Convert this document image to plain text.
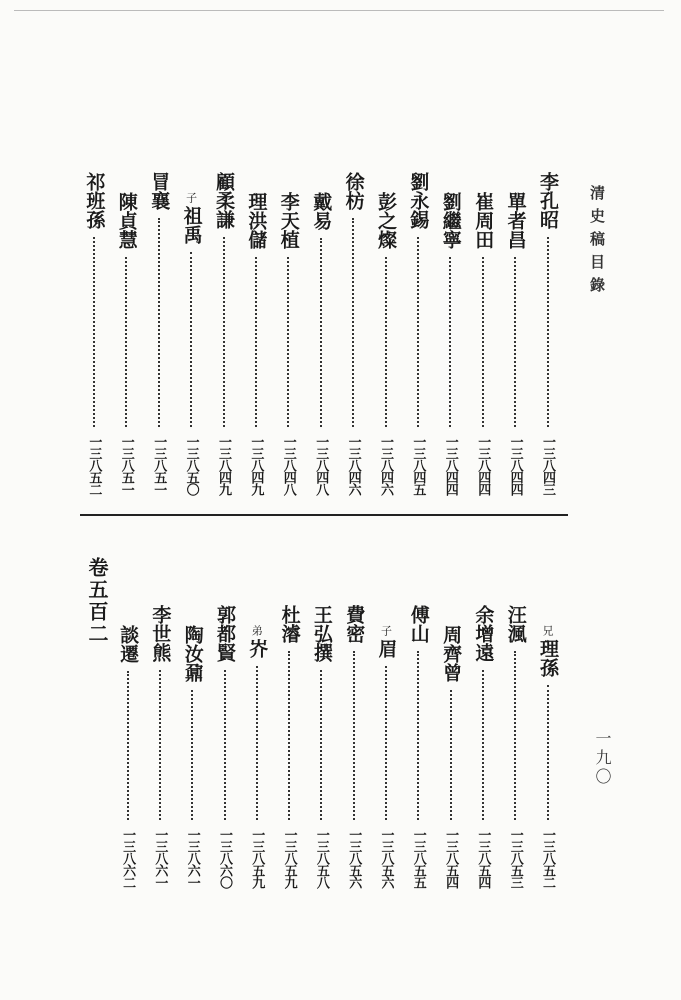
清史稿目錄
一九〇
李孔昭
一三八四三
單者昌
一三八四四
崔周田
一三八四四
劉繼寧
一三八四四
劉永錫
一三八四五
彭之燦
一三八四六
徐枋
一三八四六
戴易
一三八四八
李天植
一三八四八
理洪儲
一三八四九
顧柔謙
一三八四九
子
祖禹
一三八五〇
冒襄
一三八五一
陳貞慧
一三八五一
祁班孫
一三八五二
兄
理孫
一三八五二
汪渢
一三八五三
余增遠
一三八五四
周齊曾
一三八五四
傅山
一三八五五
子
眉
一三八五六
費密
一三八五六
王弘撰
一三八五八
杜濬
一三八五九
弟
岕
一三八五九
郭都賢
一三八六〇
陶汝鼐
一三八六一
李世熊
一三八六一
談遷
一三八六二
卷五百二
